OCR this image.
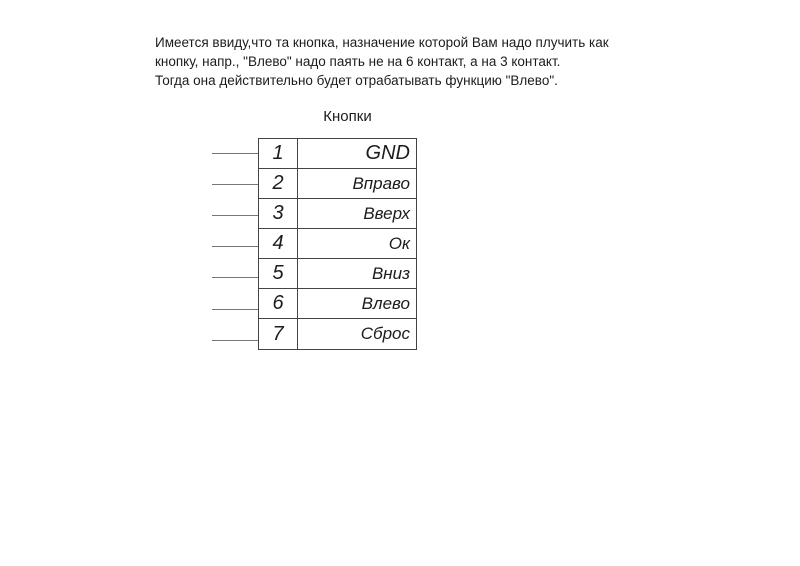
Имеется ввиду,что та кнопка, назначение которой Вам надо плучить как
кнопку, напр., "Влево" надо паять не на 6 контакт, а на 3 контакт.
Тогда она действительно будет отрабатывать функцию "Влево".
Кнопки
1	GND
2	Вправо
3	Вверх
4	Ок
5	Вниз
6	Влево
7	Сброс
